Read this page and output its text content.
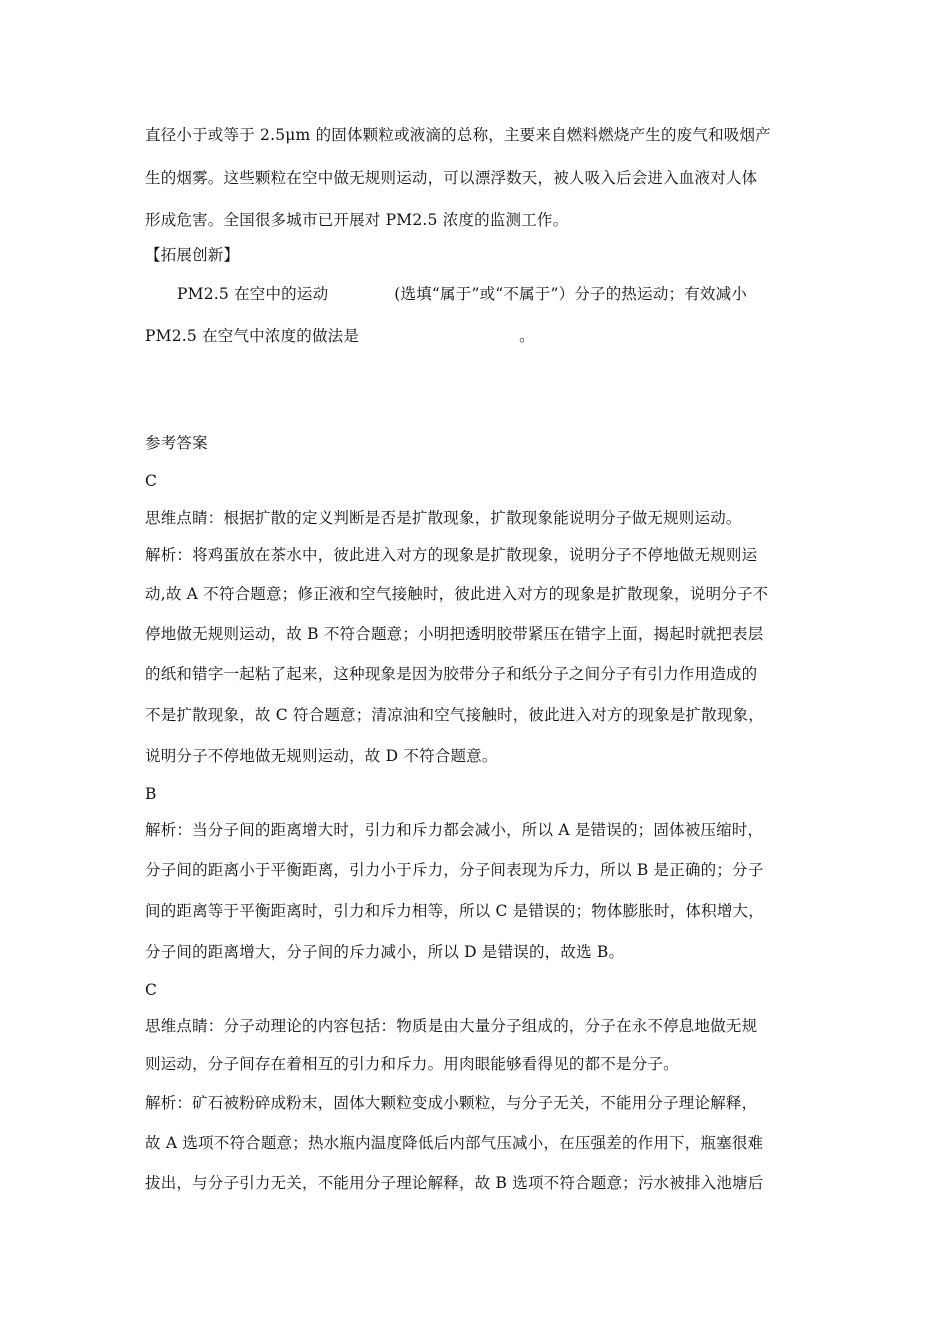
直径小于或等于 2.5μm 的固体颗粒或液滴的总称，主要来自燃料燃烧产生的废气和吸烟产
生的烟雾。这些颗粒在空中做无规则运动，可以漂浮数天，被人吸入后会进入血液对人体
形成危害。全国很多城市已开展对 PM2.5 浓度的监测工作。
【拓展创新】
PM2.5 在空中的运动	(选填“属于”或“不属于”）分子的热运动；有效减小
PM2.5 在空气中浓度的做法是	。
参考答案
C
思维点睛：根据扩散的定义判断是否是扩散现象，扩散现象能说明分子做无规则运动。
解析：将鸡蛋放在茶水中，彼此进入对方的现象是扩散现象，说明分子不停地做无规则运
动,故 A 不符合题意；修正液和空气接触时，彼此进入对方的现象是扩散现象，说明分子不
停地做无规则运动，故 B 不符合题意；小明把透明胶带紧压在错字上面，揭起时就把表层
的纸和错字一起粘了起来，这种现象是因为胶带分子和纸分子之间分子有引力作用造成的
不是扩散现象，故 C 符合题意；清凉油和空气接触时，彼此进入对方的现象是扩散现象，
说明分子不停地做无规则运动，故 D 不符合题意。
B
解析：当分子间的距离增大时，引力和斥力都会减小，所以 A 是错误的；固体被压缩时，
分子间的距离小于平衡距离，引力小于斥力，分子间表现为斥力，所以 B 是正确的；分子
间的距离等于平衡距离时，引力和斥力相等，所以 C 是错误的；物体膨胀时，体积增大，
分子间的距离增大，分子间的斥力减小，所以 D 是错误的，故选 B。
C
思维点睛：分子动理论的内容包括：物质是由大量分子组成的，分子在永不停息地做无规
则运动，分子间存在着相互的引力和斥力。用肉眼能够看得见的都不是分子。
解析：矿石被粉碎成粉末，固体大颗粒变成小颗粒，与分子无关，不能用分子理论解释，
故 A 选项不符合题意；热水瓶内温度降低后内部气压减小，在压强差的作用下，瓶塞很难
拔出，与分子引力无关，不能用分子理论解释，故 B 选项不符合题意；污水被排入池塘后
